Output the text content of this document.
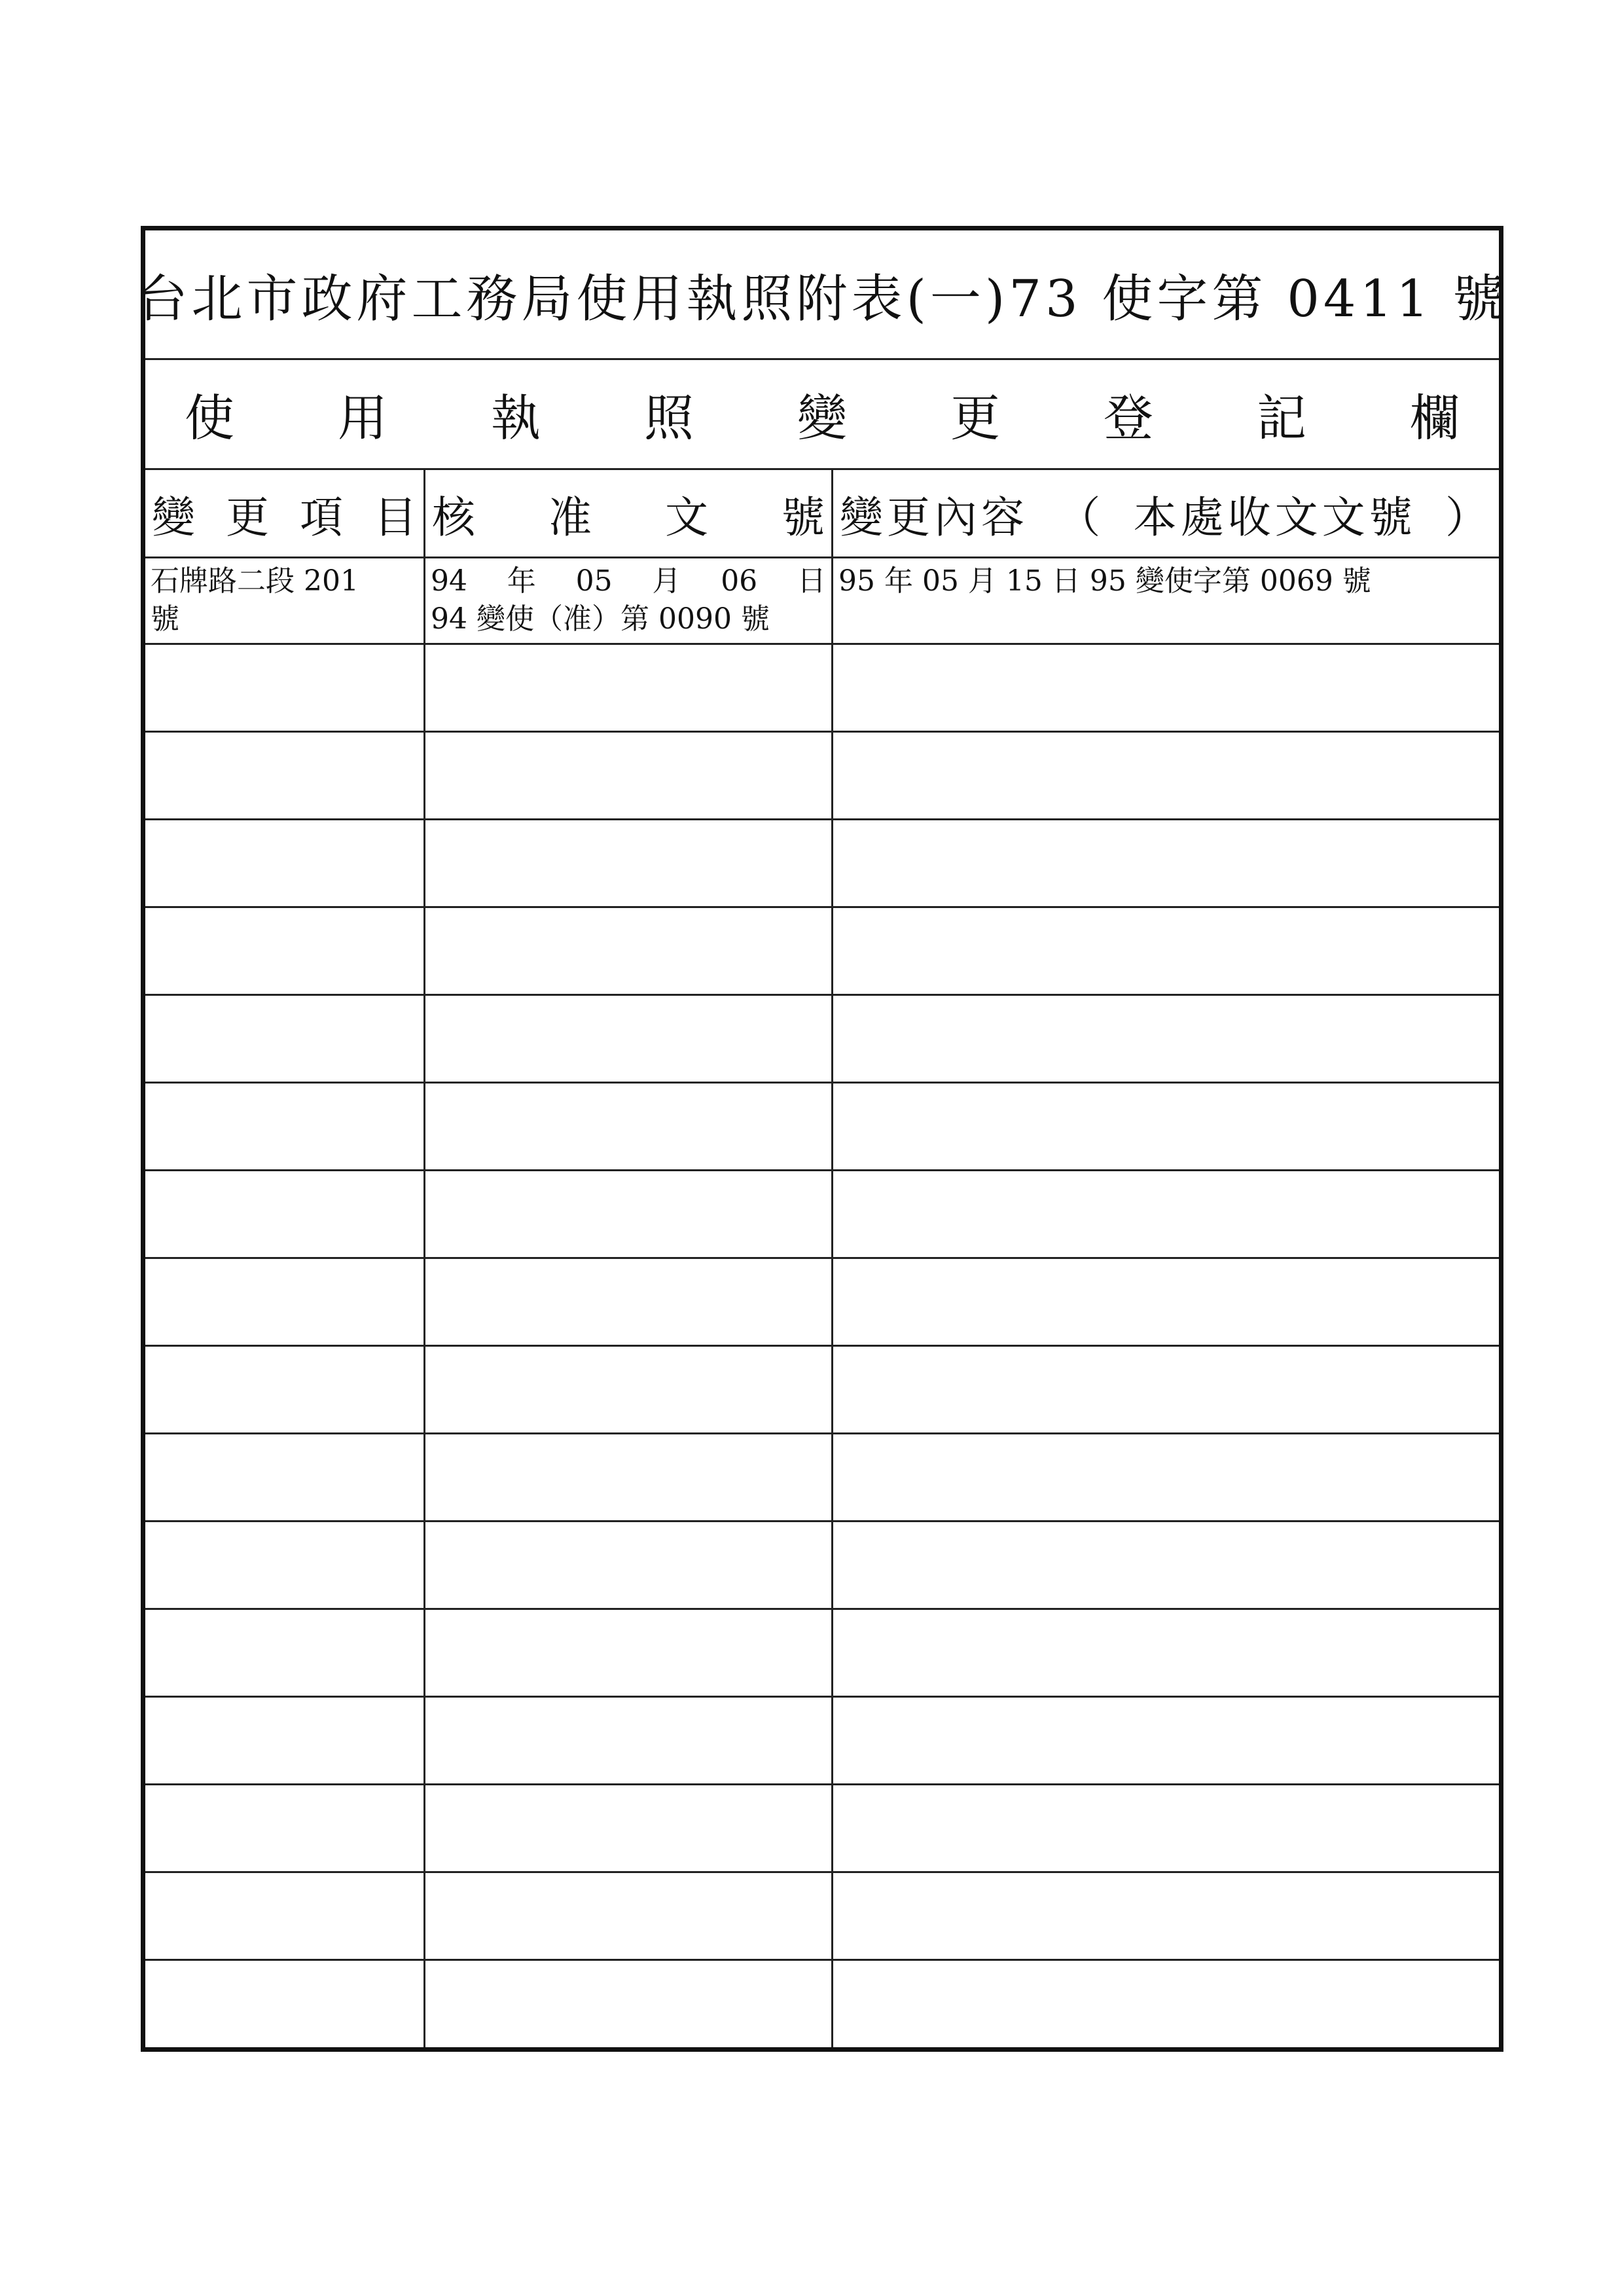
台北市政府工務局使用執照附表(一)73 使字第 0411 號
使 用 執 照 變 更 登 記 欄
變 更 項 目 核 准 文 號 變更內容 （ 本處收文文號 ）
石牌路二段 201
號
94 年 05 月 06 日
94 變使（准）第 0090 號
95 年 05 月 15 日 95 變使字第 0069 號
